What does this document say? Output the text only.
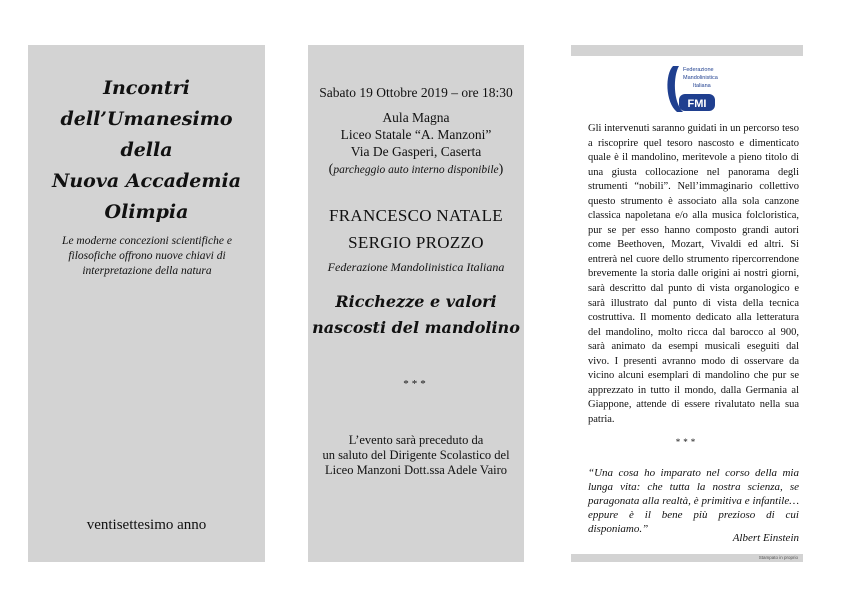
Incontri
dell’Umanesimo
della
Nuova Accademia
Olimpia
Le moderne concezioni scientifiche e
filosofiche offrono nuove chiavi di
interpretazione della natura
ventisettesimo anno
Sabato 19 Ottobre 2019 – ore 18:30
Aula Magna
Liceo Statale “A. Manzoni”
Via De Gasperi, Caserta
(parcheggio auto interno disponibile)
FRANCESCO NATALE
SERGIO PROZZO
Federazione Mandolinistica Italiana
Ricchezze e valori
nascosti del mandolino
***
L’evento sarà preceduto da
un saluto del Dirigente Scolastico del
Liceo Manzoni Dott.ssa Adele Vairo
Federazione
Mandolinistica
Italiana
FMI
Gli intervenuti saranno guidati in un percorso teso a riscoprire quel tesoro nascosto e dimenticato quale è il mandolino, meritevole a pieno titolo di una giusta collocazione nel panorama degli strumenti “nobili”. Nell’immaginario collettivo questo strumento è associato alla sola canzone classica napoletana e/o alla musica folcloristica, pur se per esso hanno composto grandi autori come Beethoven, Mozart, Vivaldi ed altri. Si entrerà nel cuore dello strumento ripercorrendone brevemente la storia dalle origini ai nostri giorni, sarà descritto dal punto di vista organologico e sarà illustrato dal punto di vista della tecnica costruttiva. Il momento dedicato alla letteratura del mandolino, molto ricca dal barocco al 900, sarà animato da esempi musicali eseguiti dal vivo. I presenti avranno modo di osservare da vicino alcuni esemplari di mandolino che pur se apprezzato in tutto il mondo, dalla Germania al Giappone, attende di essere rivalutato nella sua patria.
***
“Una cosa ho imparato nel corso della mia lunga vita: che tutta la nostra scienza, se paragonata alla realtà, è primitiva e infantile… eppure è il bene più prezioso di cui disponiamo.”
Albert Einstein
Stampato in proprio
